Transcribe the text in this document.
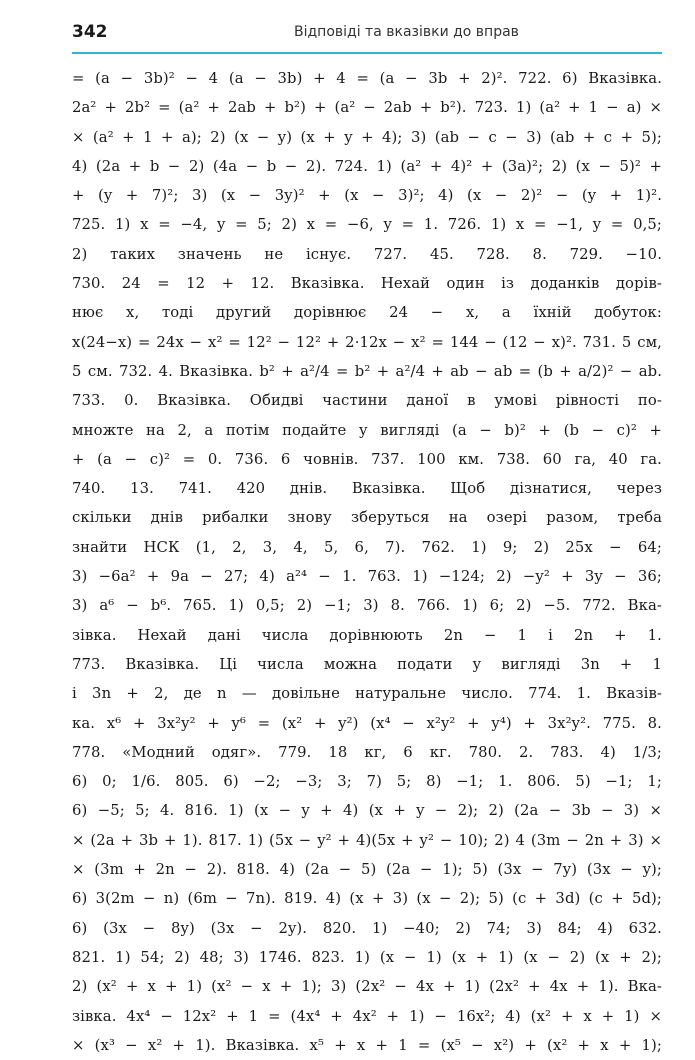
342	Відповіді та вказівки до вправ
= (a − 3b)² − 4 (a − 3b) + 4 = (a − 3b + 2)². 722. 6) Вказівка.
2a² + 2b² = (a² + 2ab + b²) + (a² − 2ab + b²). 723. 1) (a² + 1 − a) ×
× (a² + 1 + a); 2) (x − y) (x + y + 4); 3) (ab − c − 3) (ab + c + 5);
4) (2a + b − 2) (4a − b − 2). 724. 1) (a² + 4)² + (3a)²; 2) (x − 5)² +
+ (y + 7)²; 3) (x − 3y)² + (x − 3)²; 4) (x − 2)² − (y + 1)².
725. 1) x = −4, y = 5; 2) x = −6, y = 1. 726. 1) x = −1, y = 0,5;
2) таких значень не існує. 727. 45. 728. 8. 729. −10.
730. 24 = 12 + 12. Вказівка. Нехай один із доданків дорів-
нює x, тоді другий дорівнює 24 − x, а їхній добуток:
x(24−x) = 24x − x² = 12² − 12² + 2·12x − x² = 144 − (12 − x)². 731. 5 см,
5 см. 732. 4. Вказівка. b² + a²/4 = b² + a²/4 + ab − ab = (b + a/2)² − ab.
733. 0. Вказівка. Обидві частини даної в умові рівності по-
множте на 2, а потім подайте у вигляді (a − b)² + (b − c)² +
+ (a − c)² = 0. 736. 6 човнів. 737. 100 км. 738. 60 га, 40 га.
740. 13. 741. 420 днів. Вказівка. Щоб дізнатися, через
скільки днів рибалки знову зберуться на озері разом, треба
знайти НСК (1, 2, 3, 4, 5, 6, 7). 762. 1) 9; 2) 25x − 64;
3) −6a² + 9a − 27; 4) a²⁴ − 1. 763. 1) −124; 2) −y² + 3y − 36;
3) a⁶ − b⁶. 765. 1) 0,5; 2) −1; 3) 8. 766. 1) 6; 2) −5. 772. Вка-
зівка. Нехай дані числа дорівнюють 2n − 1 і 2n + 1.
773. Вказівка. Ці числа можна подати у вигляді 3n + 1
і 3n + 2, де n — довільне натуральне число. 774. 1. Вказів-
ка. x⁶ + 3x²y² + y⁶ = (x² + y²) (x⁴ − x²y² + y⁴) + 3x²y². 775. 8.
778. «Модний одяг». 779. 18 кг, 6 кг. 780. 2. 783. 4) 1/3;
6) 0; 1/6. 805. 6) −2; −3; 3; 7) 5; 8) −1; 1. 806. 5) −1; 1;
6) −5; 5; 4. 816. 1) (x − y + 4) (x + y − 2); 2) (2a − 3b − 3) ×
× (2a + 3b + 1). 817. 1) (5x − y² + 4)(5x + y² − 10); 2) 4 (3m − 2n + 3) ×
× (3m + 2n − 2). 818. 4) (2a − 5) (2a − 1); 5) (3x − 7y) (3x − y);
6) 3(2m − n) (6m − 7n). 819. 4) (x + 3) (x − 2); 5) (c + 3d) (c + 5d);
6) (3x − 8y) (3x − 2y). 820. 1) −40; 2) 74; 3) 84; 4) 632.
821. 1) 54; 2) 48; 3) 1746. 823. 1) (x − 1) (x + 1) (x − 2) (x + 2);
2) (x² + x + 1) (x² − x + 1); 3) (2x² − 4x + 1) (2x² + 4x + 1). Вка-
зівка. 4x⁴ − 12x² + 1 = (4x⁴ + 4x² + 1) − 16x²; 4) (x² + x + 1) ×
× (x³ − x² + 1). Вказівка. x⁵ + x + 1 = (x⁵ − x²) + (x² + x + 1);
